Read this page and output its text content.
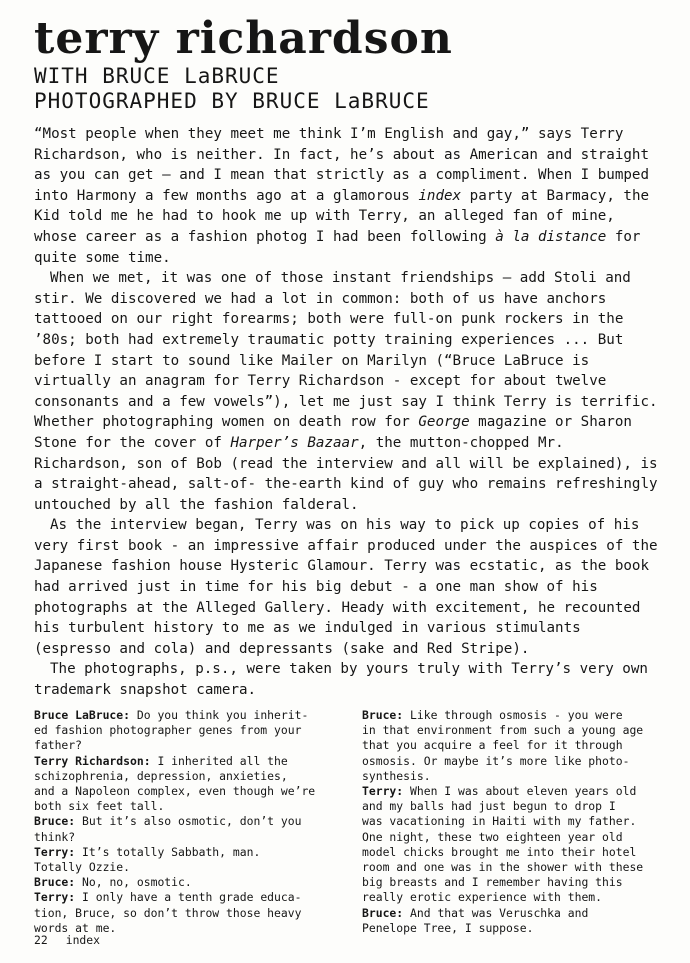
terry richardson

WITH BRUCE LaBRUCE

PHOTOGRAPHED BY BRUCE LaBRUCE

“Most people when they meet me think I’m English and gay,” says Terry Richardson, who is neither. In fact, he’s about as American and straight as you can get – and I mean that strictly as a compliment. When I bumped into Harmony a few months ago at a glamorous index party at Barmacy, the Kid told me he had to hook me up with Terry, an alleged fan of mine, whose career as a fashion photog I had been following à la distance for quite some time.

When we met, it was one of those instant friendships – add Stoli and stir. We discovered we had a lot in common: both of us have anchors tattooed on our right forearms; both were full-on punk rockers in the ’80s; both had extremely traumatic potty training experiences ... But before I start to sound like Mailer on Marilyn (“Bruce LaBruce is virtually an anagram for Terry Richardson - except for about twelve consonants and a few vowels”), let me just say I think Terry is terrific. Whether photographing women on death row for George magazine or Sharon Stone for the cover of Harper’s Bazaar, the mutton-chopped Mr. Richardson, son of Bob (read the interview and all will be explained), is a straight-ahead, salt-of- the-earth kind of guy who remains refreshingly untouched by all the fashion falderal.

As the interview began, Terry was on his way to pick up copies of his very first book - an impressive affair produced under the auspices of the Japanese fashion house Hysteric Glamour. Terry was ecstatic, as the book had arrived just in time for his big debut - a one man show of his photographs at the Alleged Gallery. Heady with excitement, he recounted his turbulent history to me as we indulged in various stimulants (espresso and cola) and depressants (sake and Red Stripe).

The photographs, p.s., were taken by yours truly with Terry’s very own trademark snapshot camera.

Bruce LaBruce: Do you think you inherit-
ed fashion photographer genes from your
father?
Terry Richardson: I inherited all the
schizophrenia, depression, anxieties,
and a Napoleon complex, even though we’re
both six feet tall.
Bruce: But it’s also osmotic, don’t you
think?
Terry: It’s totally Sabbath, man.
Totally Ozzie.
Bruce: No, no, osmotic.
Terry: I only have a tenth grade educa-
tion, Bruce, so don’t throw those heavy
words at me.
Bruce: Like through osmosis - you were
in that environment from such a young age
that you acquire a feel for it through
osmosis. Or maybe it’s more like photo-
synthesis.
Terry: When I was about eleven years old
and my balls had just begun to drop I
was vacationing in Haiti with my father.
One night, these two eighteen year old
model chicks brought me into their hotel
room and one was in the shower with these
big breasts and I remember having this
really erotic experience with them.
Bruce: And that was Veruschka and
Penelope Tree, I suppose.
22 index
